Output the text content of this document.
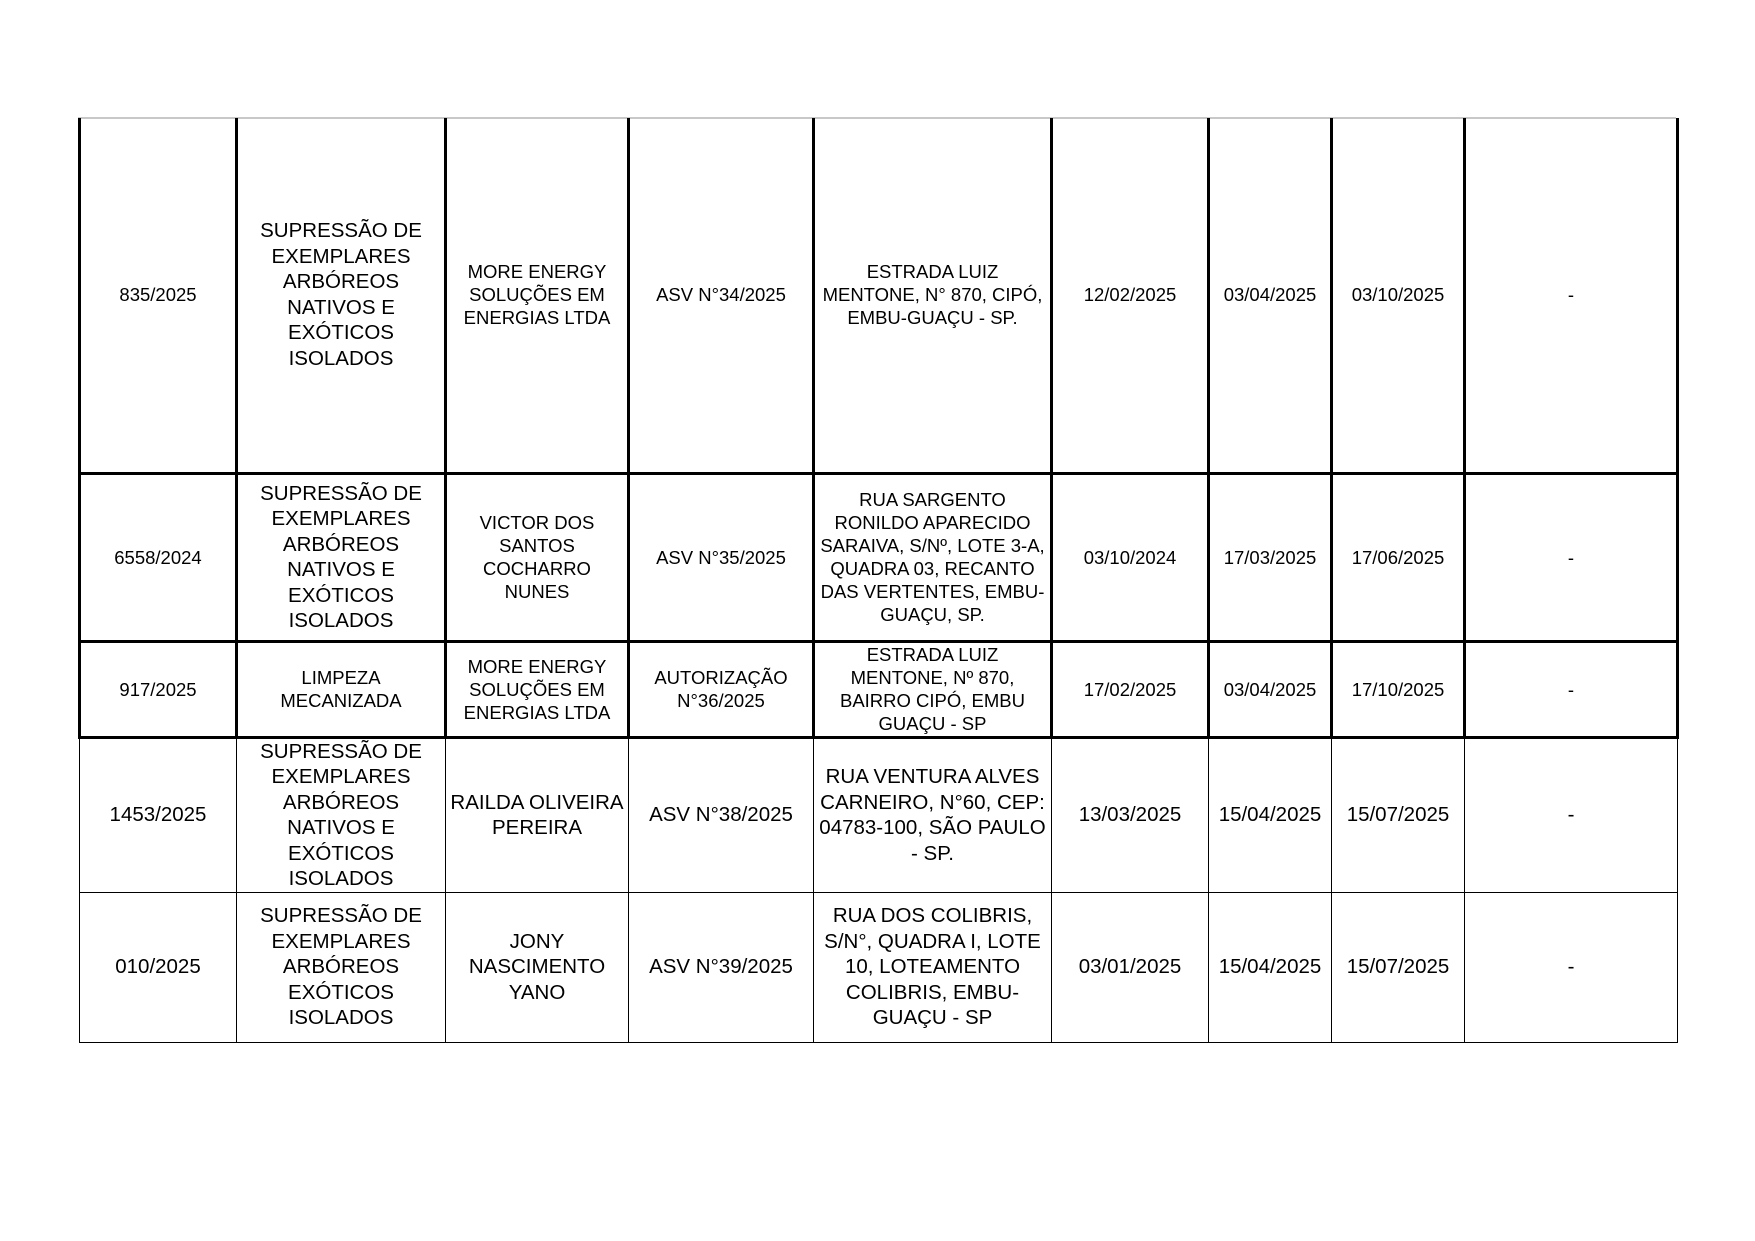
835/2025	SUPRESSÃO DE EXEMPLARES ARBÓREOS NATIVOS E EXÓTICOS ISOLADOS	MORE ENERGY SOLUÇÕES EM ENERGIAS LTDA	ASV N°34/2025	ESTRADA LUIZ MENTONE, N° 870, CIPÓ, EMBU-GUAÇU - SP.	12/02/2025	03/04/2025	03/10/2025	-
6558/2024	SUPRESSÃO DE EXEMPLARES ARBÓREOS NATIVOS E EXÓTICOS ISOLADOS	VICTOR DOS SANTOS COCHARRO NUNES	ASV N°35/2025	RUA SARGENTO RONILDO APARECIDO SARAIVA, S/Nº, LOTE 3-A, QUADRA 03, RECANTO DAS VERTENTES, EMBU-GUAÇU, SP.	03/10/2024	17/03/2025	17/06/2025	-
917/2025	LIMPEZA MECANIZADA	MORE ENERGY SOLUÇÕES EM ENERGIAS LTDA	AUTORIZAÇÃO N°36/2025	ESTRADA LUIZ MENTONE, Nº 870, BAIRRO CIPÓ, EMBU GUAÇU - SP	17/02/2025	03/04/2025	17/10/2025	-
1453/2025	SUPRESSÃO DE EXEMPLARES ARBÓREOS NATIVOS E EXÓTICOS ISOLADOS	RAILDA OLIVEIRA PEREIRA	ASV N°38/2025	RUA VENTURA ALVES CARNEIRO, N°60, CEP: 04783-100, SÃO PAULO - SP.	13/03/2025	15/04/2025	15/07/2025	-
010/2025	SUPRESSÃO DE EXEMPLARES ARBÓREOS EXÓTICOS ISOLADOS	JONY NASCIMENTO YANO	ASV N°39/2025	RUA DOS COLIBRIS, S/N°, QUADRA I, LOTE 10, LOTEAMENTO COLIBRIS, EMBU-GUAÇU - SP	03/01/2025	15/04/2025	15/07/2025	-
